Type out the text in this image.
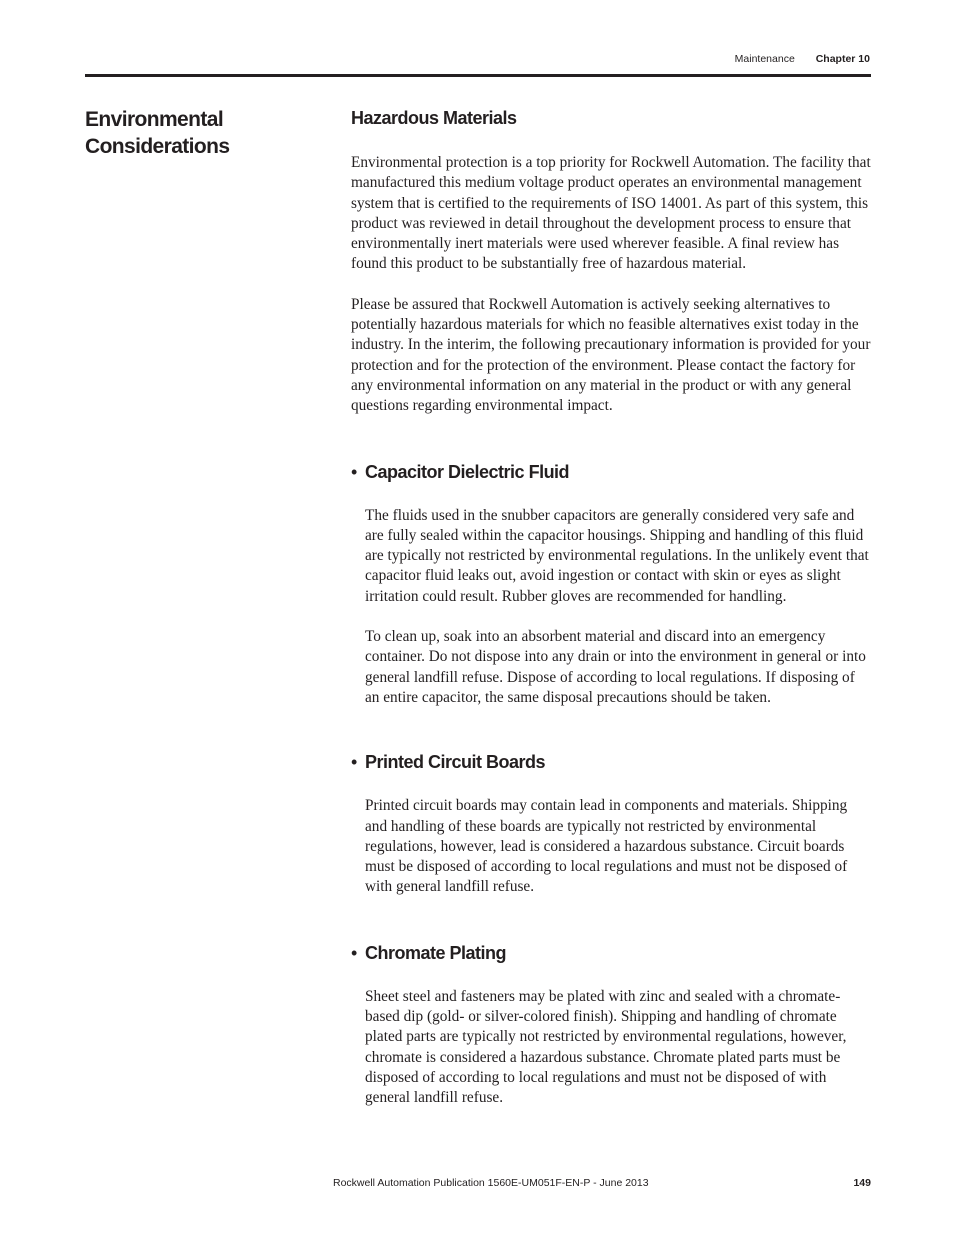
Maintenance Chapter 10
Environmental Considerations
Hazardous Materials

Environmental protection is a top priority for Rockwell Automation. The facility that manufactured this medium voltage product operates an environmental management system that is certified to the requirements of ISO 14001. As part of this system, this product was reviewed in detail throughout the development process to ensure that environmentally inert materials were used wherever feasible. A final review has found this product to be substantially free of hazardous material.

Please be assured that Rockwell Automation is actively seeking alternatives to potentially hazardous materials for which no feasible alternatives exist today in the industry. In the interim, the following precautionary information is provided for your protection and for the protection of the environment. Please contact the factory for any environmental information on any material in the product or with any general questions regarding environmental impact.

• Capacitor Dielectric Fluid

The fluids used in the snubber capacitors are generally considered very safe and are fully sealed within the capacitor housings. Shipping and handling of this fluid are typically not restricted by environmental regulations. In the unlikely event that capacitor fluid leaks out, avoid ingestion or contact with skin or eyes as slight irritation could result. Rubber gloves are recommended for handling.

To clean up, soak into an absorbent material and discard into an emergency container. Do not dispose into any drain or into the environment in general or into general landfill refuse. Dispose of according to local regulations. If disposing of an entire capacitor, the same disposal precautions should be taken.

• Printed Circuit Boards

Printed circuit boards may contain lead in components and materials. Shipping and handling of these boards are typically not restricted by environmental regulations, however, lead is considered a hazardous substance. Circuit boards must be disposed of according to local regulations and must not be disposed of with general landfill refuse.

• Chromate Plating

Sheet steel and fasteners may be plated with zinc and sealed with a chromate-based dip (gold- or silver-colored finish). Shipping and handling of chromate plated parts are typically not restricted by environmental regulations, however, chromate is considered a hazardous substance. Chromate plated parts must be disposed of according to local regulations and must not be disposed of with general landfill refuse.

Rockwell Automation Publication 1560E-UM051F-EN-P - June 2013	149
